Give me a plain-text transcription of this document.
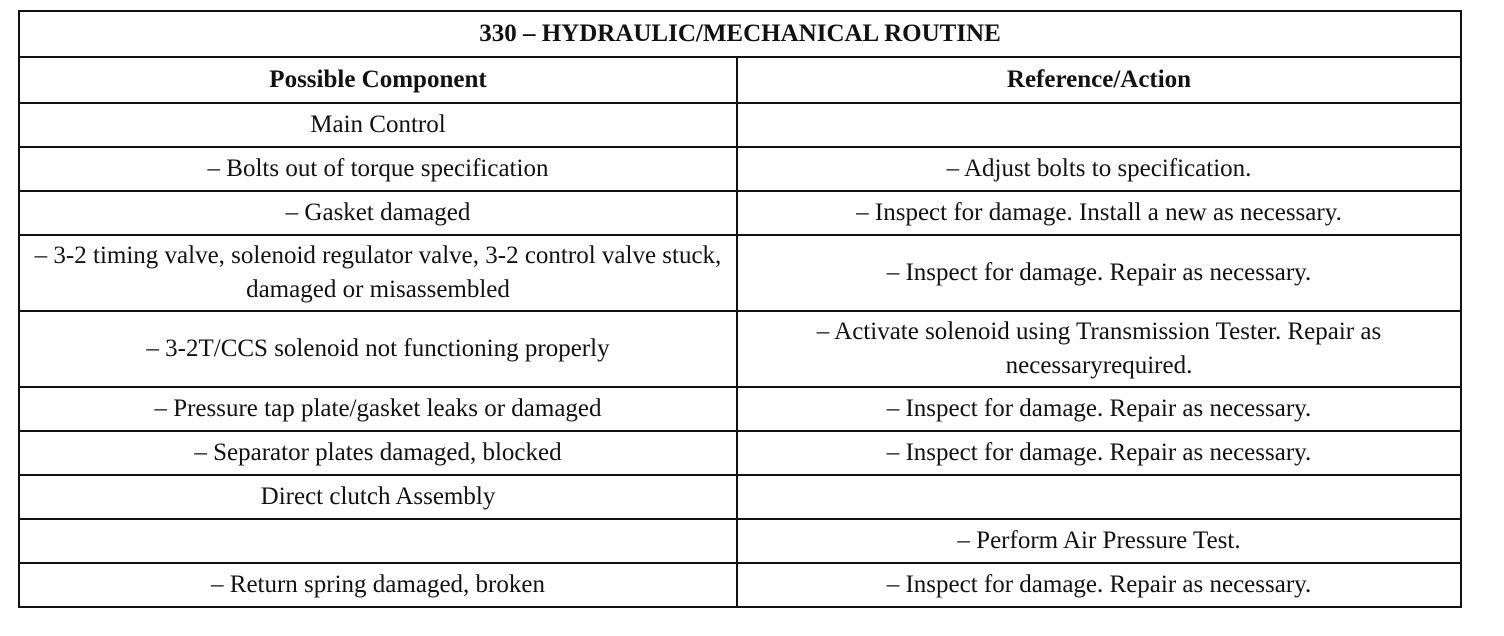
330 – HYDRAULIC/MECHANICAL ROUTINE	
Possible Component	Reference/Action
Main Control	
– Bolts out of torque specification	– Adjust bolts to specification.
– Gasket damaged	– Inspect for damage. Install a new as necessary.
– 3-2 timing valve, solenoid regulator valve, 3-2 control valve stuck, damaged or misassembled	– Inspect for damage. Repair as necessary.
– 3-2T/CCS solenoid not functioning properly	– Activate solenoid using Transmission Tester. Repair as necessaryrequired.
– Pressure tap plate/gasket leaks or damaged	– Inspect for damage. Repair as necessary.
– Separator plates damaged, blocked	– Inspect for damage. Repair as necessary.
Direct clutch Assembly	
	– Perform Air Pressure Test.
– Return spring damaged, broken	– Inspect for damage. Repair as necessary.
